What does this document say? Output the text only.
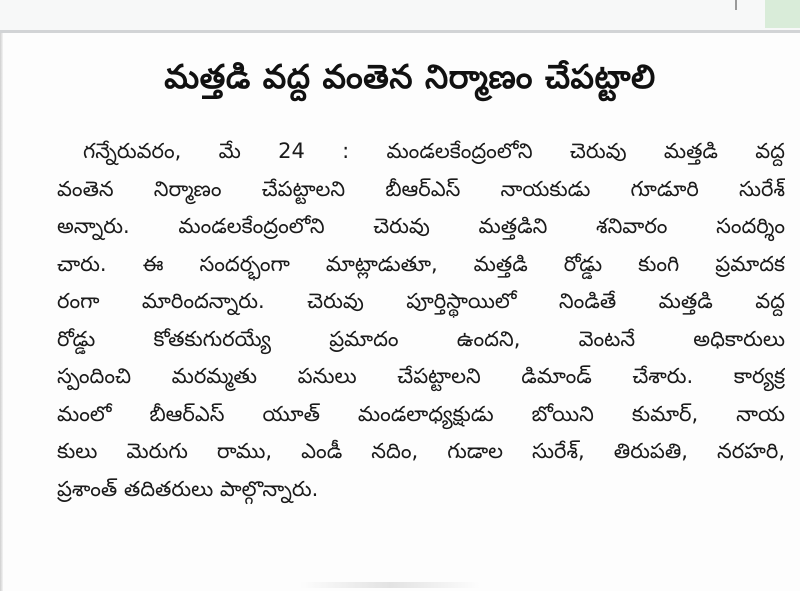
మత్తడి వద్ద వంతెన నిర్మాణం చేపట్టాలి
గన్నేరువరం, మే 24 : మండలకేంద్రంలోని చెరువు మత్తడి వద్ద
వంతెన నిర్మాణం చేపట్టాలని బీఆర్ఎస్ నాయకుడు గూడూరి సురేశ్
అన్నారు. మండలకేంద్రంలోని చెరువు మత్తడిని శనివారం సందర్శిం
చారు. ఈ సందర్భంగా మాట్లాడుతూ, మత్తడి రోడ్డు కుంగి ప్రమాదక
రంగా మారిందన్నారు. చెరువు పూర్తిస్థాయిలో నిండితే మత్తడి వద్ద
రోడ్డు కోతకుగురయ్యే ప్రమాదం ఉందని, వెంటనే అధికారులు
స్పందించి మరమ్మతు పనులు చేపట్టాలని డిమాండ్ చేశారు. కార్యక్ర
మంలో బీఆర్ఎస్ యూత్ మండలాధ్యక్షుడు బోయిని కుమార్, నాయ
కులు మెరుగు రాము, ఎండీ నదిం, గుడాల సురేశ్, తిరుపతి, నరహరి,
ప్రశాంత్ తదితరులు పాల్గొన్నారు.
